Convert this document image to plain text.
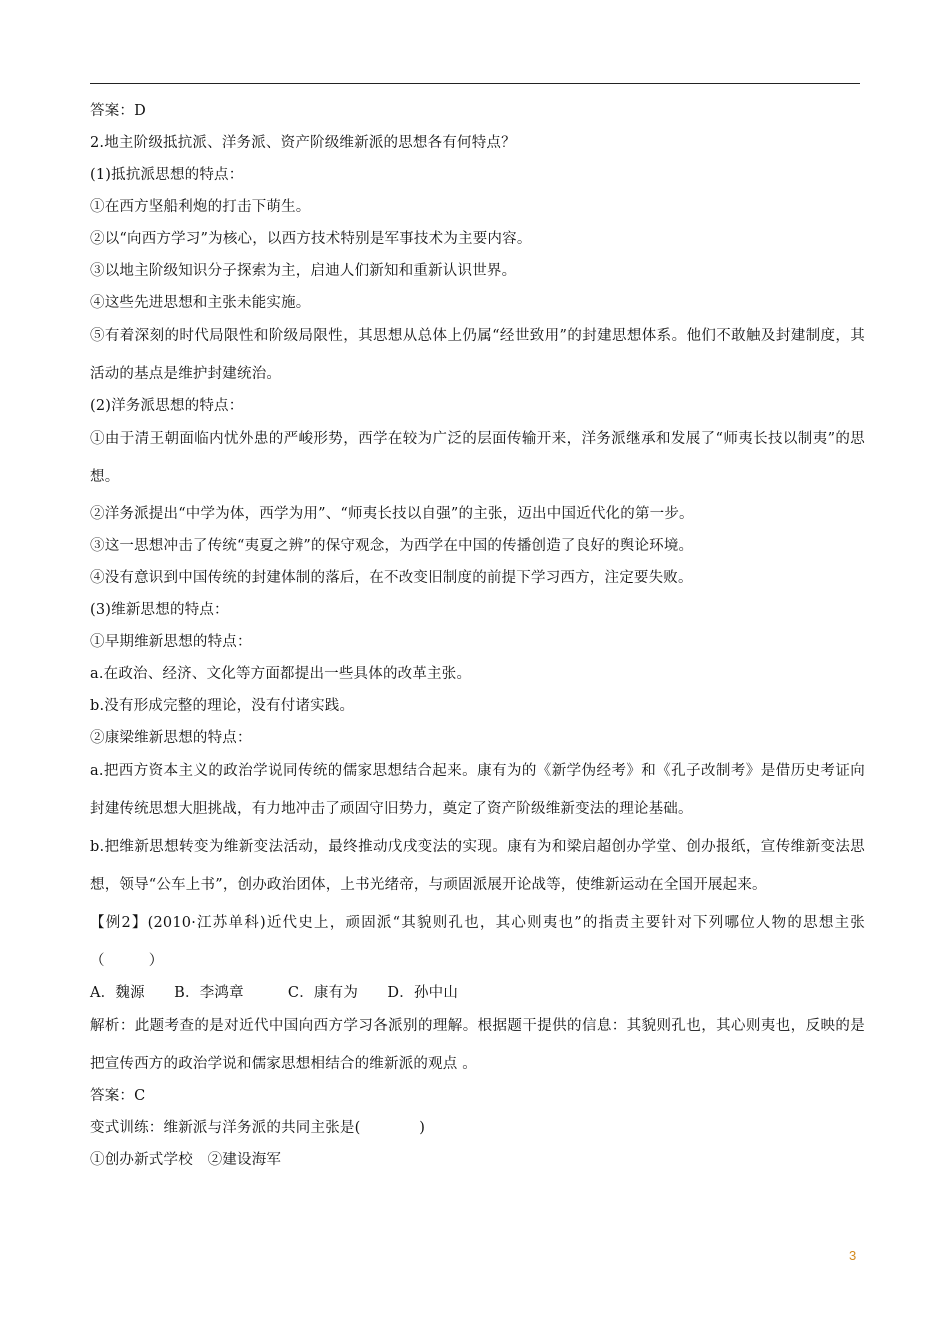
答案：D
2.地主阶级抵抗派、洋务派、资产阶级维新派的思想各有何特点？
(1)抵抗派思想的特点：
①在西方坚船利炮的打击下萌生。
②以“向西方学习”为核心，以西方技术特别是军事技术为主要内容。
③以地主阶级知识分子探索为主，启迪人们新知和重新认识世界。
④这些先进思想和主张未能实施。
⑤有着深刻的时代局限性和阶级局限性，其思想从总体上仍属“经世致用”的封建思想体系。他们不敢触及封建制度，其活动的基点是维护封建统治。
(2)洋务派思想的特点：
①由于清王朝面临内忧外患的严峻形势，西学在较为广泛的层面传输开来，洋务派继承和发展了“师夷长技以制夷”的思想。
②洋务派提出“中学为体，西学为用”、“师夷长技以自强”的主张，迈出中国近代化的第一步。
③这一思想冲击了传统“夷夏之辨”的保守观念，为西学在中国的传播创造了良好的舆论环境。
④没有意识到中国传统的封建体制的落后，在不改变旧制度的前提下学习西方，注定要失败。
(3)维新思想的特点：
①早期维新思想的特点：
a.在政治、经济、文化等方面都提出一些具体的改革主张。
b.没有形成完整的理论，没有付诸实践。
②康梁维新思想的特点：
a.把西方资本主义的政治学说同传统的儒家思想结合起来。康有为的《新学伪经考》和《孔子改制考》是借历史考证向封建传统思想大胆挑战，有力地冲击了顽固守旧势力，奠定了资产阶级维新变法的理论基础。
b.把维新思想转变为维新变法活动，最终推动戊戌变法的实现。康有为和梁启超创办学堂、创办报纸，宣传维新变法思想，领导“公车上书”，创办政治团体，上书光绪帝，与顽固派展开论战等，使维新运动在全国开展起来。
【例2】(2010·江苏单科)近代史上，顽固派“其貌则孔也，其心则夷也”的指责主要针对下列哪位人物的思想主张（　　　）
A．魏源　　B．李鸿章　　　C．康有为　　D．孙中山
解析：此题考查的是对近代中国向西方学习各派别的理解。根据题干提供的信息：其貌则孔也，其心则夷也，反映的是把宣传西方的政治学说和儒家思想相结合的维新派的观点 。
答案：C
变式训练：维新派与洋务派的共同主张是(　　　　)
①创办新式学校　②建设海军
3
